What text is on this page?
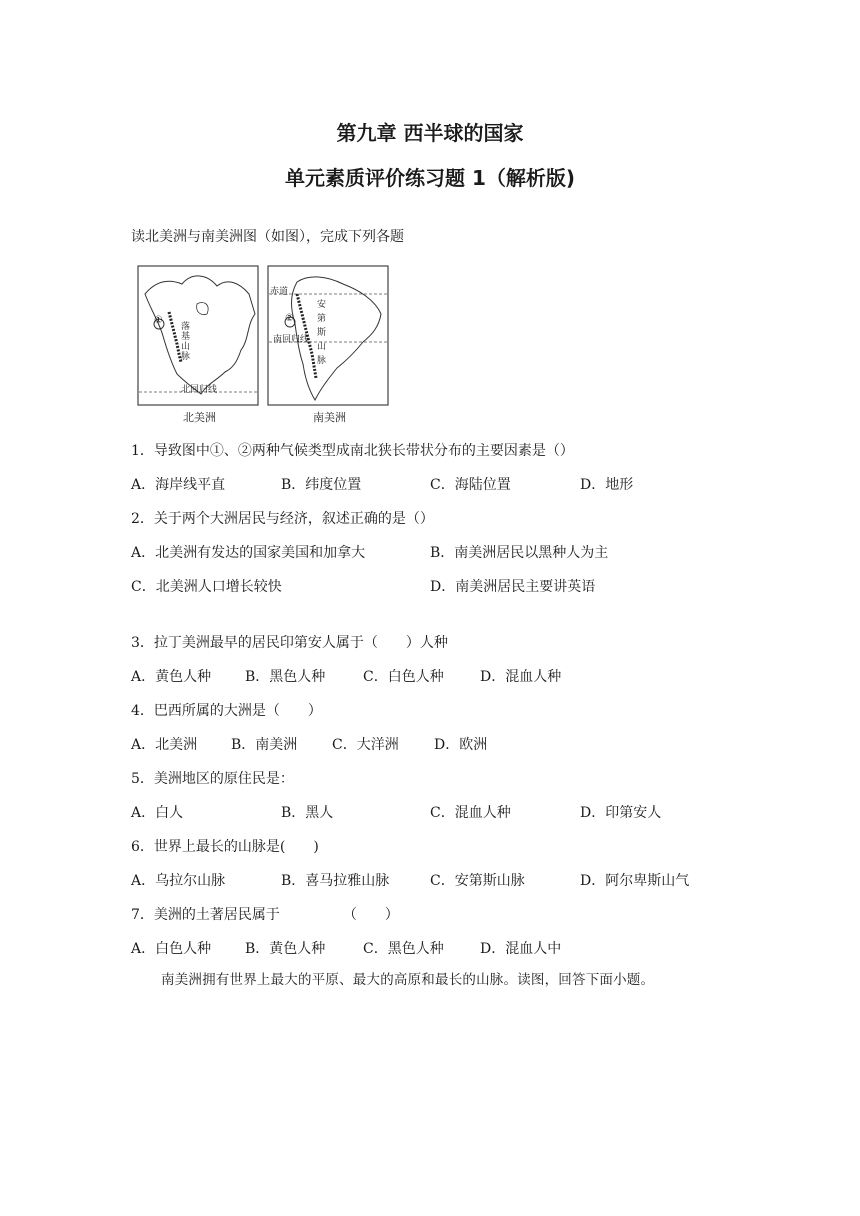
第九章 西半球的国家
单元素质评价练习题 1（解析版)
读北美洲与南美洲图（如图），完成下列各题
①
落基山脉
北回归线
北美洲
赤道
②
安第斯山脉
南回归线
南美洲
1．导致图中①、②两种气候类型成南北狭长带状分布的主要因素是（）
A．海岸线平直	B．纬度位置	C．海陆位置	D．地形
2．关于两个大洲居民与经济，叙述正确的是（）
A．北美洲有发达的国家美国和加拿大	B．南美洲居民以黑种人为主
C．北美洲人口增长较快	D．南美洲居民主要讲英语
3．拉丁美洲最早的居民印第安人属于（　　）人种
A．黄色人种 B．黑色人种	C．白色人种	D．混血人种
4．巴西所属的大洲是（　　）
A．北美洲 B．南美洲 C．大洋洲	D．欧洲
5．美洲地区的原住民是：
A．白人	B．黑人	C．混血人种	D．印第安人
6．世界上最长的山脉是(　　)
A．乌拉尔山脉	B．喜马拉雅山脉	C．安第斯山脉	D．阿尔卑斯山气
7．美洲的土著居民属于　　　　　（　　）
A．白色人种 B．黄色人种	C．黑色人种	D．混血人中
南美洲拥有世界上最大的平原、最大的高原和最长的山脉。读图，回答下面小题。
